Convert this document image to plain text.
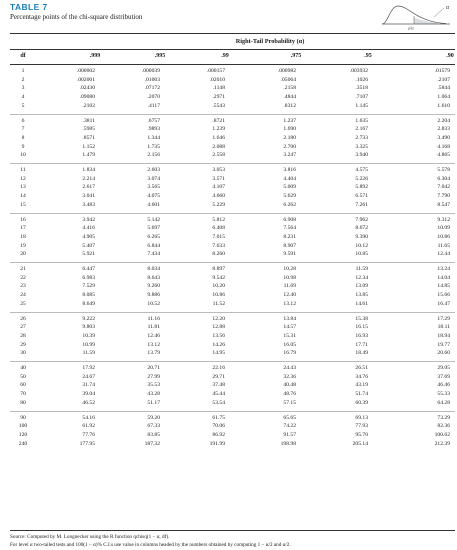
TABLE 7
Percentage points of the chi-square distribution
α
χ²α
Right-Tail Probability (α)
df	.999	.995	.99	.975	.95	.90
1	.000002	.000039	.000157	.000982	.003932	.01579
2	.002001	.01003	.02010	.05064	.1026	.2107
3	.02430	.07172	.1148	.2158	.3518	.5844
4	.09080	.2070	.2971	.4844	.7107	1.064
5	.2102	.4117	.5543	.8312	1.145	1.610
6	.3811	.6757	.8721	1.237	1.635	2.204
7	.5985	.9893	1.239	1.690	2.167	2.833
8	.8571	1.344	1.646	2.180	2.733	3.490
9	1.152	1.735	2.088	2.700	3.325	4.168
10	1.479	2.156	2.558	3.247	3.940	4.865
11	1.834	2.603	3.053	3.816	4.575	5.578
12	2.214	3.074	3.571	4.404	5.226	6.304
13	2.617	3.565	4.107	5.009	5.892	7.042
14	3.041	4.075	4.660	5.629	6.571	7.790
15	3.483	4.601	5.229	6.262	7.261	8.547
16	3.942	5.142	5.812	6.908	7.962	9.312
17	4.416	5.697	6.408	7.564	8.672	10.09
18	4.905	6.265	7.015	8.231	9.390	10.86
19	5.407	6.844	7.633	8.907	10.12	11.65
20	5.921	7.434	8.260	9.591	10.85	12.44
21	6.447	8.034	8.897	10.28	11.59	13.24
22	6.983	8.643	9.542	10.98	12.34	14.04
23	7.529	9.260	10.20	11.69	13.09	14.85
24	8.085	9.886	10.86	12.40	13.85	15.66
25	8.649	10.52	11.52	13.12	14.61	16.47
26	9.222	11.16	12.20	13.84	15.38	17.29
27	9.803	11.81	12.88	14.57	16.15	18.11
28	10.39	12.46	13.56	15.31	16.93	18.94
29	10.99	13.12	14.26	16.05	17.71	19.77
30	11.59	13.79	14.95	16.79	18.49	20.60
40	17.92	20.71	22.16	24.43	26.51	29.05
50	24.67	27.99	29.71	32.36	34.76	37.69
60	31.74	35.53	37.48	40.48	43.19	46.46
70	39.04	43.28	45.44	48.76	51.74	55.33
80	46.52	51.17	53.54	57.15	60.39	64.28
90	54.16	59.20	61.75	65.65	69.13	73.29
100	61.92	67.33	70.06	74.22	77.93	82.36
120	77.76	83.85	86.92	91.57	95.70	100.62
240	177.95	187.32	191.99	198.98	205.14	212.39
Source: Computed by M. Longnecker using the R function qchisq(1 − α, df).
For level α two-tailed tests and 100(1 − α)% C.I.s use value in columns headed by the numbers obtained by computing 1 − α/2 and α/2.
